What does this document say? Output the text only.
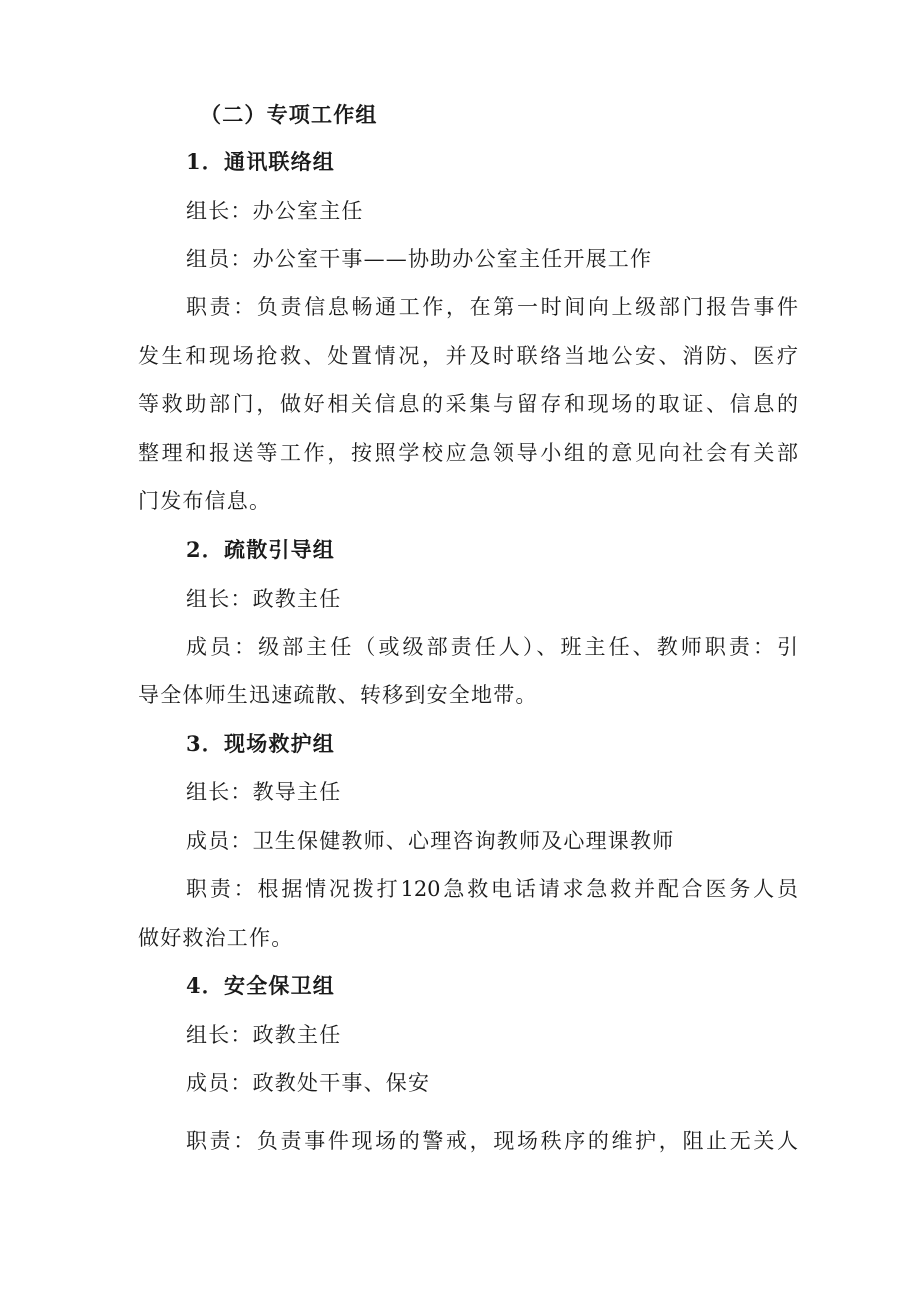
（二）专项工作组
1．通讯联络组
组长：办公室主任
组员：办公室干事——协助办公室主任开展工作
职责：负责信息畅通工作，在第一时间向上级部门报告事件
发生和现场抢救、处置情况，并及时联络当地公安、消防、医疗
等救助部门，做好相关信息的采集与留存和现场的取证、信息的
整理和报送等工作，按照学校应急领导小组的意见向社会有关部
门发布信息。
2．疏散引导组
组长：政教主任
成员：级部主任（或级部责任人）、班主任、教师职责：引
导全体师生迅速疏散、转移到安全地带。
3．现场救护组
组长：教导主任
成员：卫生保健教师、心理咨询教师及心理课教师
职责：根据情况拨打120急救电话请求急救并配合医务人员
做好救治工作。
4．安全保卫组
组长：政教主任
成员：政教处干事、保安
职责：负责事件现场的警戒，现场秩序的维护，阻止无关人
